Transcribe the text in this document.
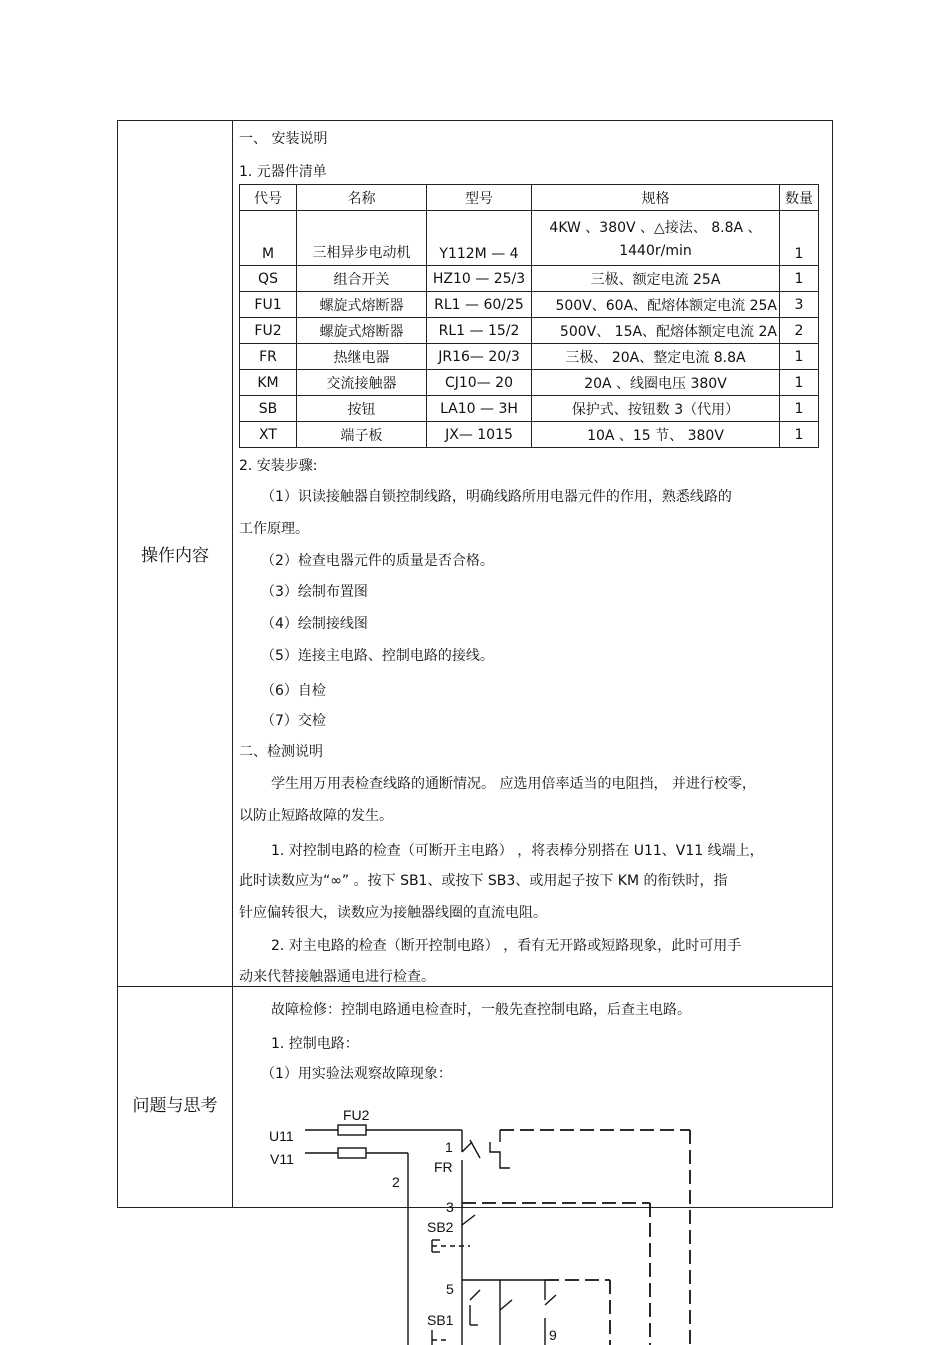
操作内容
问题与思考
一、 安装说明
1. 元器件清单
代号	名称	型号	规格	数量
M	三相异步电动机	Y112M — 4	4KW 、380V 、△接法、 8.8A 、
1440r/min	1
QS	组合开关	HZ10 — 25/3	三极、额定电流 25A	1
FU1	螺旋式熔断器	RL1 — 60/25	500V、60A、配熔体额定电流 25A	3
FU2	螺旋式熔断器	RL1 — 15/2	500V、 15A、配熔体额定电流 2A	2
FR	热继电器	JR16— 20/3	三极、 20A、整定电流 8.8A	1
KM	交流接触器	CJ10— 20	20A 、线圈电压 380V	1
SB	按钮	LA10 — 3H	保护式、按钮数 3（代用）	1
XT	端子板	JX— 1015	10A 、15 节、 380V	1
2. 安装步骤:
（1）识读接触器自锁控制线路，明确线路所用电器元件的作用，熟悉线路的
工作原理。
（2）检查电器元件的质量是否合格。
（3）绘制布置图
（4）绘制接线图
（5）连接主电路、控制电路的接线。
（6）自检
（7）交检
二、检测说明
学生用万用表检查线路的通断情况。 应选用倍率适当的电阻挡， 并进行校零，
以防止短路故障的发生。
1. 对控制电路的检查（可断开主电路） ，将表棒分别搭在 U11、V11 线端上，
此时读数应为“∞” 。按下 SB1、或按下 SB3、或用起子按下 KM 的衔铁时，指
针应偏转很大，读数应为接触器线圈的直流电阻。
2. 对主电路的检查（断开控制电路） ，看有无开路或短路现象，此时可用手
动来代替接触器通电进行检查。
故障检修：控制电路通电检查时，一般先查控制电路，后查主电路。
1. 控制电路：
（1）用实验法观察故障现象：
FU2
U11
V11
1
FR
2
3
SB2
5
SB1
9
